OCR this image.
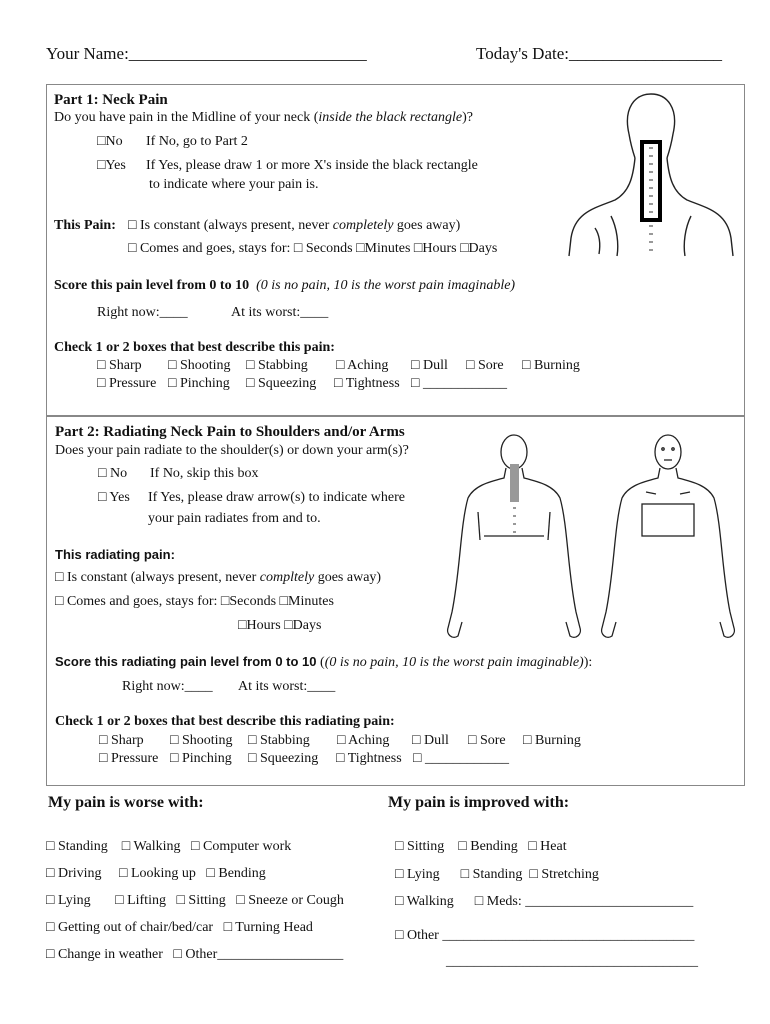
Your Name:____________________________	Today's Date:__________________
Part 1: Neck Pain
Do you have pain in the Midline of your neck (inside the black rectangle)?
□No If No, go to Part 2
□Yes If Yes, please draw 1 or more X's inside the black rectangle
to indicate where your pain is.
This Pain: □ Is constant (always present, never completely goes away)
□ Comes and goes, stays for: □ Seconds □Minutes □Hours □Days
Score this pain level from 0 to 10 (0 is no pain, 10 is the worst pain imaginable)
Right now:____	At its worst:____
Check 1 or 2 boxes that best describe this pain:
□ Sharp □ Shooting □ Stabbing □ Aching □ Dull □ Sore □ Burning
□ Pressure □ Pinching □ Squeezing □ Tightness □ ____________
Part 2: Radiating Neck Pain to Shoulders and/or Arms
Does your pain radiate to the shoulder(s) or down your arm(s)?
□ No If No, skip this box
□ Yes If Yes, please draw arrow(s) to indicate where
your pain radiates from and to.
This radiating pain:
□ Is constant (always present, never compltely goes away)
□ Comes and goes, stays for: □Seconds □Minutes
□Hours □Days
Score this radiating pain level from 0 to 10 ((0 is no pain, 10 is the worst pain imaginable)):
Right now:____ At its worst:____
Check 1 or 2 boxes that best describe this radiating pain:
□ Sharp □ Shooting □ Stabbing □ Aching □ Dull □ Sore □ Burning
□ Pressure □ Pinching □ Squeezing □ Tightness □ ____________
My pain is worse with:
□ Standing    □ Walking   □ Computer work
□ Driving     □ Looking up   □ Bending
□ Lying       □ Lifting   □ Sitting   □ Sneeze or Cough
□ Getting out of chair/bed/car   □ Turning Head
□ Change in weather   □ Other__________________
My pain is improved with:
□ Sitting    □ Bending   □ Heat
□ Lying      □ Standing  □ Stretching
□ Walking      □ Meds: ________________________
□ Other ____________________________________
____________________________________
